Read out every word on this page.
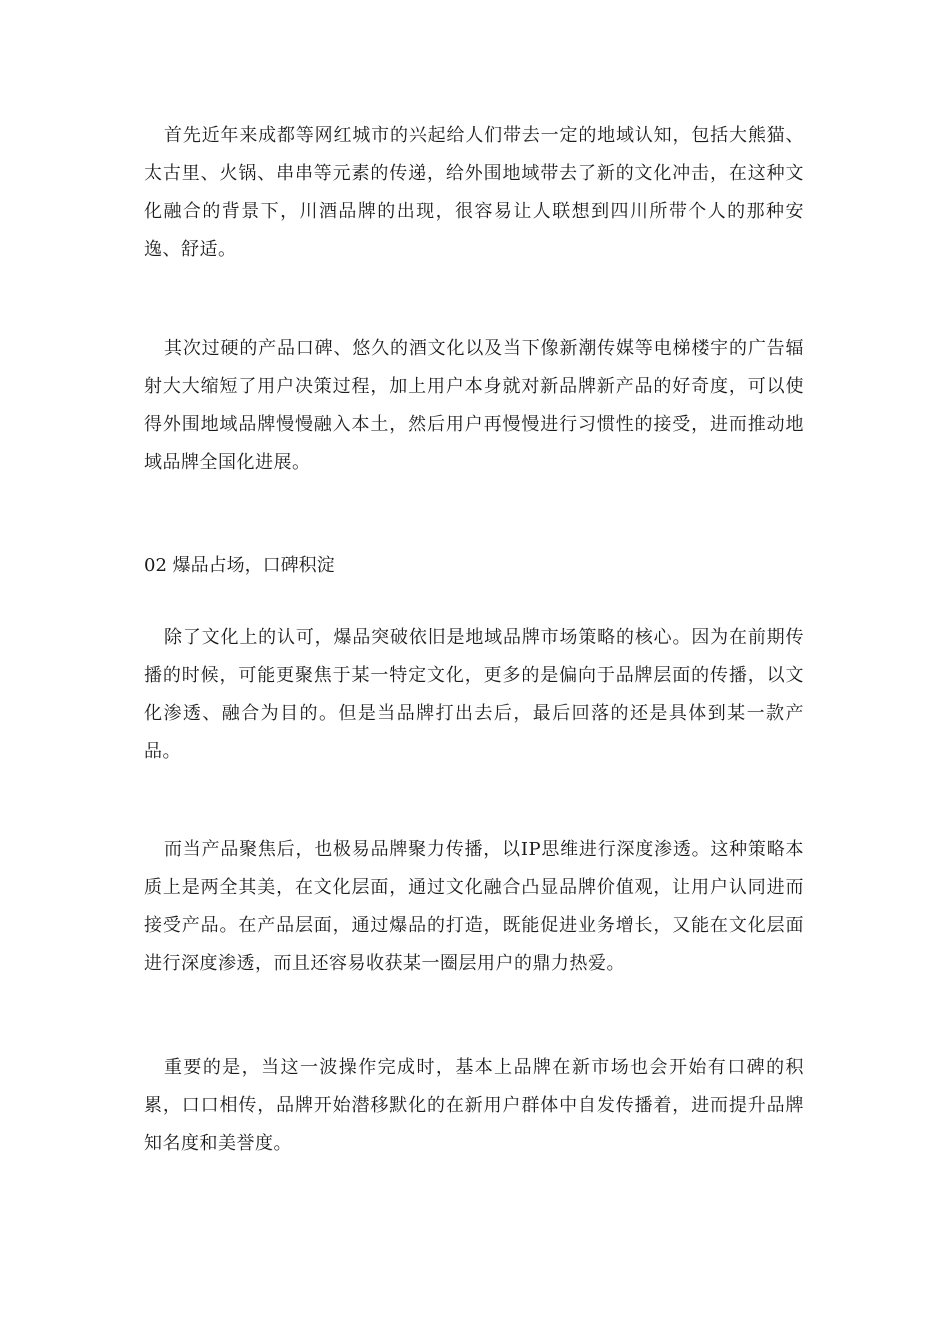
首先近年来成都等网红城市的兴起给人们带去一定的地域认知，包括大熊猫、太古里、火锅、串串等元素的传递，给外围地域带去了新的文化冲击，在这种文化融合的背景下，川酒品牌的出现，很容易让人联想到四川所带个人的那种安逸、舒适。

其次过硬的产品口碑、悠久的酒文化以及当下像新潮传媒等电梯楼宇的广告辐射大大缩短了用户决策过程，加上用户本身就对新品牌新产品的好奇度，可以使得外围地域品牌慢慢融入本土，然后用户再慢慢进行习惯性的接受，进而推动地域品牌全国化进展。

02 爆品占场，口碑积淀

除了文化上的认可，爆品突破依旧是地域品牌市场策略的核心。因为在前期传播的时候，可能更聚焦于某一特定文化，更多的是偏向于品牌层面的传播，以文化渗透、融合为目的。但是当品牌打出去后，最后回落的还是具体到某一款产品。

而当产品聚焦后，也极易品牌聚力传播，以IP思维进行深度渗透。这种策略本质上是两全其美，在文化层面，通过文化融合凸显品牌价值观，让用户认同进而接受产品。在产品层面，通过爆品的打造，既能促进业务增长，又能在文化层面进行深度渗透，而且还容易收获某一圈层用户的鼎力热爱。

重要的是，当这一波操作完成时，基本上品牌在新市场也会开始有口碑的积累，口口相传，品牌开始潜移默化的在新用户群体中自发传播着，进而提升品牌知名度和美誉度。
